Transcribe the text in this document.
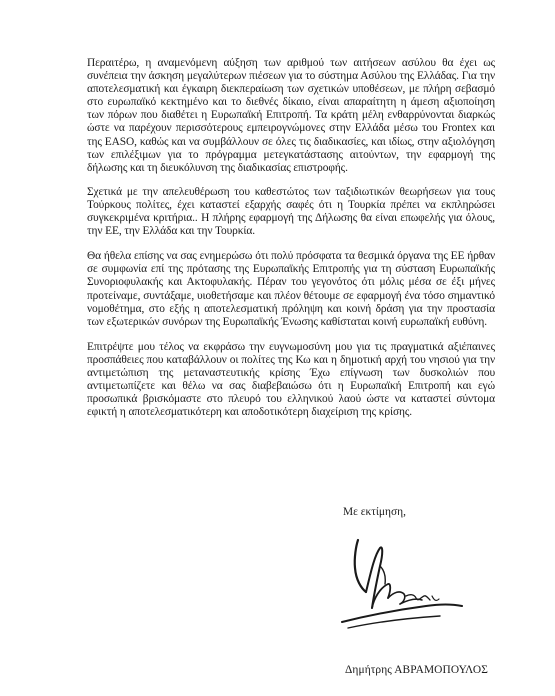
Περαιτέρω, η αναμενόμενη αύξηση των αριθμού των αιτήσεων ασύλου θα έχει ως συνέπεια την άσκηση μεγαλύτερων πιέσεων για το σύστημα Ασύλου της Ελλάδας. Για την αποτελεσματική και έγκαιρη διεκπεραίωση των σχετικών υποθέσεων, με πλήρη σεβασμό στο ευρωπαϊκό κεκτημένο και το διεθνές δίκαιο, είναι απαραίτητη η άμεση αξιοποίηση των πόρων που διαθέτει η Ευρωπαϊκή Επιτροπή. Τα κράτη μέλη ενθαρρύνονται διαρκώς ώστε να παρέχουν περισσότερους εμπειρογνώμονες στην Ελλάδα μέσω του Frontex και της EASO, καθώς και να συμβάλλουν σε όλες τις διαδικασίες, και ιδίως, στην αξιολόγηση των επιλέξιμων για το πρόγραμμα μετεγκατάστασης αιτούντων, την εφαρμογή της δήλωσης και τη διευκόλυνση της διαδικασίας επιστροφής.

Σχετικά με την απελευθέρωση του καθεστώτος των ταξιδιωτικών θεωρήσεων για τους Τούρκους πολίτες, έχει καταστεί εξαρχής σαφές ότι η Τουρκία πρέπει να εκπληρώσει συγκεκριμένα κριτήρια.. Η πλήρης εφαρμογή της Δήλωσης θα είναι επωφελής για όλους, την ΕΕ, την Ελλάδα και την Τουρκία.

Θα ήθελα επίσης να σας ενημερώσω ότι πολύ πρόσφατα τα θεσμικά όργανα της ΕΕ ήρθαν σε συμφωνία επί της πρότασης της Ευρωπαϊκής Επιτροπής για τη σύσταση Ευρωπαϊκής Συνοριοφυλακής και Ακτοφυλακής. Πέραν του γεγονότος ότι μόλις μέσα σε έξι μήνες προτείναμε, συντάξαμε, υιοθετήσαμε και πλέον θέτουμε σε εφαρμογή ένα τόσο σημαντικό νομοθέτημα, στο εξής η αποτελεσματική πρόληψη και κοινή δράση για την προστασία των εξωτερικών συνόρων της Ευρωπαϊκής Ένωσης καθίσταται κοινή ευρωπαϊκή ευθύνη.

Επιτρέψτε μου τέλος να εκφράσω την ευγνωμοσύνη μου για τις πραγματικά αξιέπαινες προσπάθειες που καταβάλλουν οι πολίτες της Κω και η δημοτική αρχή του νησιού για την αντιμετώπιση της μεταναστευτικής κρίσης Έχω επίγνωση των δυσκολιών που αντιμετωπίζετε και θέλω να σας διαβεβαιώσω ότι η Ευρωπαϊκή Επιτροπή και εγώ προσωπικά βρισκόμαστε στο πλευρό του ελληνικού λαού ώστε να καταστεί σύντομα εφικτή η αποτελεσματικότερη και αποδοτικότερη διαχείριση της κρίσης.

Με εκτίμηση,

Δημήτρης ΑΒΡΑΜΟΠΟΥΛΟΣ
